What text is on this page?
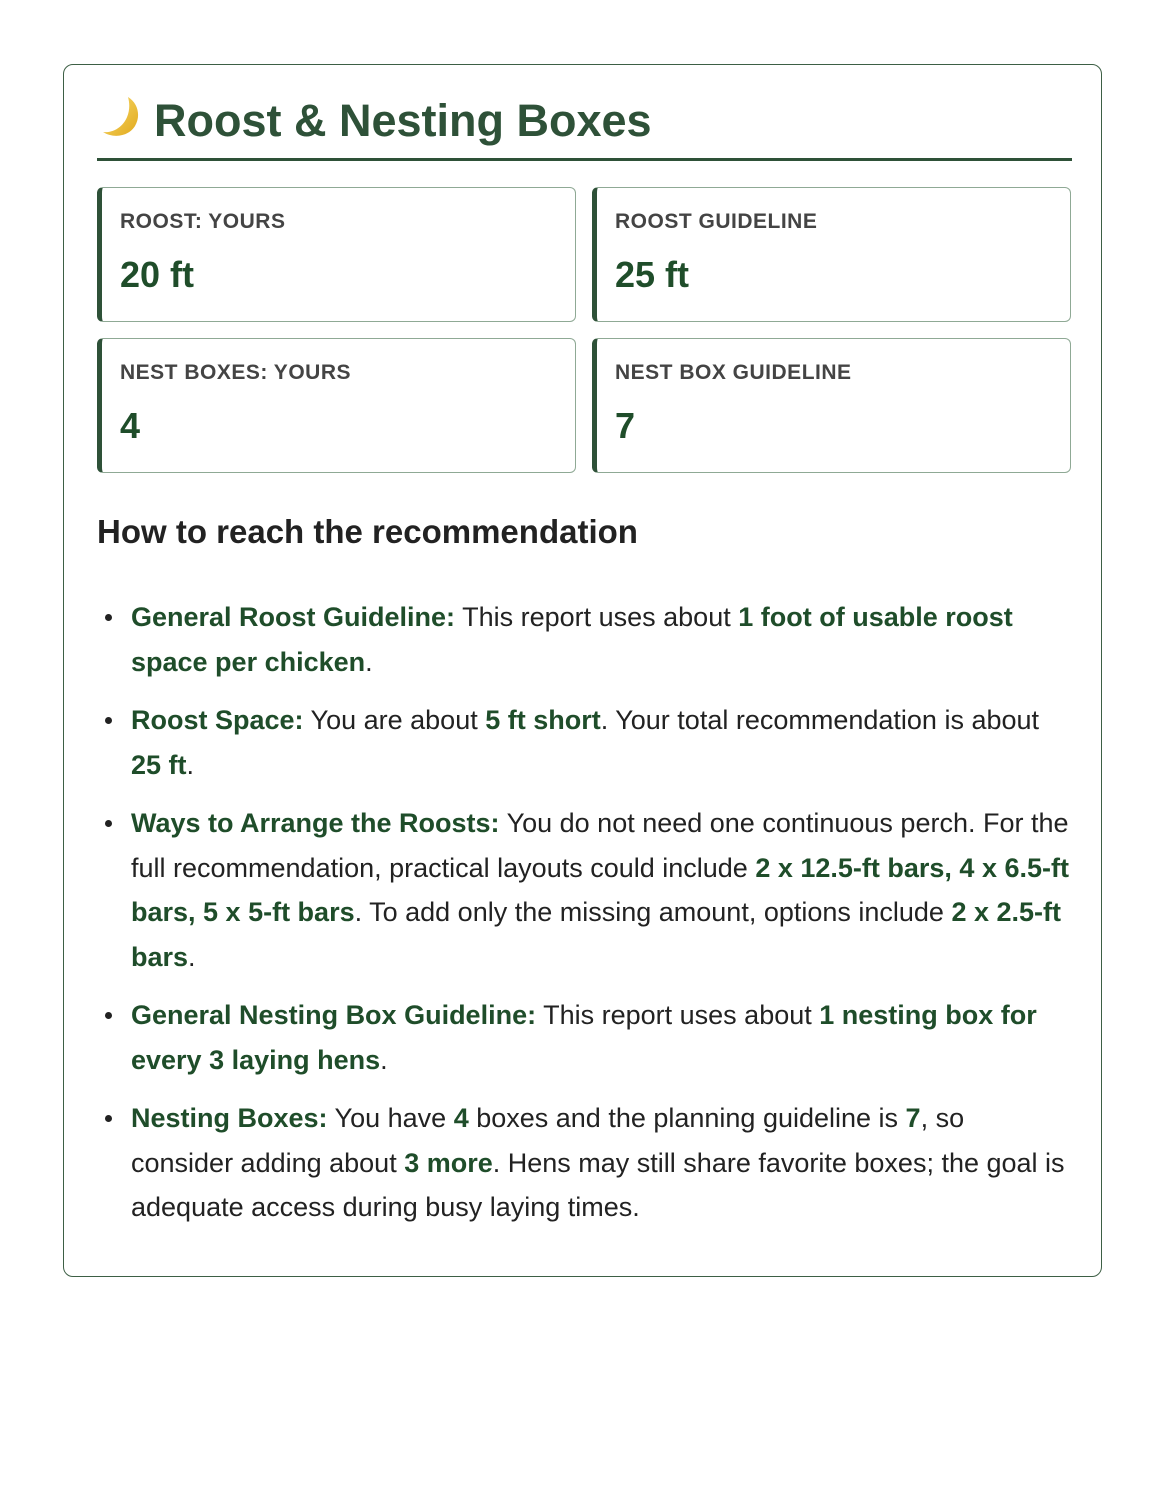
Roost & Nesting Boxes
ROOST: YOURS
20 ft
ROOST GUIDELINE
25 ft
NEST BOXES: YOURS
4
NEST BOX GUIDELINE
7
How to reach the recommendation
General Roost Guideline: This report uses about 1 foot of usable roost space per chicken.
Roost Space: You are about 5 ft short. Your total recommendation is about 25 ft.
Ways to Arrange the Roosts: You do not need one continuous perch. For the full recommendation, practical layouts could include 2 x 12.5-ft bars, 4 x 6.5-ft bars, 5 x 5-ft bars. To add only the missing amount, options include 2 x 2.5-ft bars.
General Nesting Box Guideline: This report uses about 1 nesting box for every 3 laying hens.
Nesting Boxes: You have 4 boxes and the planning guideline is 7, so consider adding about 3 more. Hens may still share favorite boxes; the goal is adequate access during busy laying times.
